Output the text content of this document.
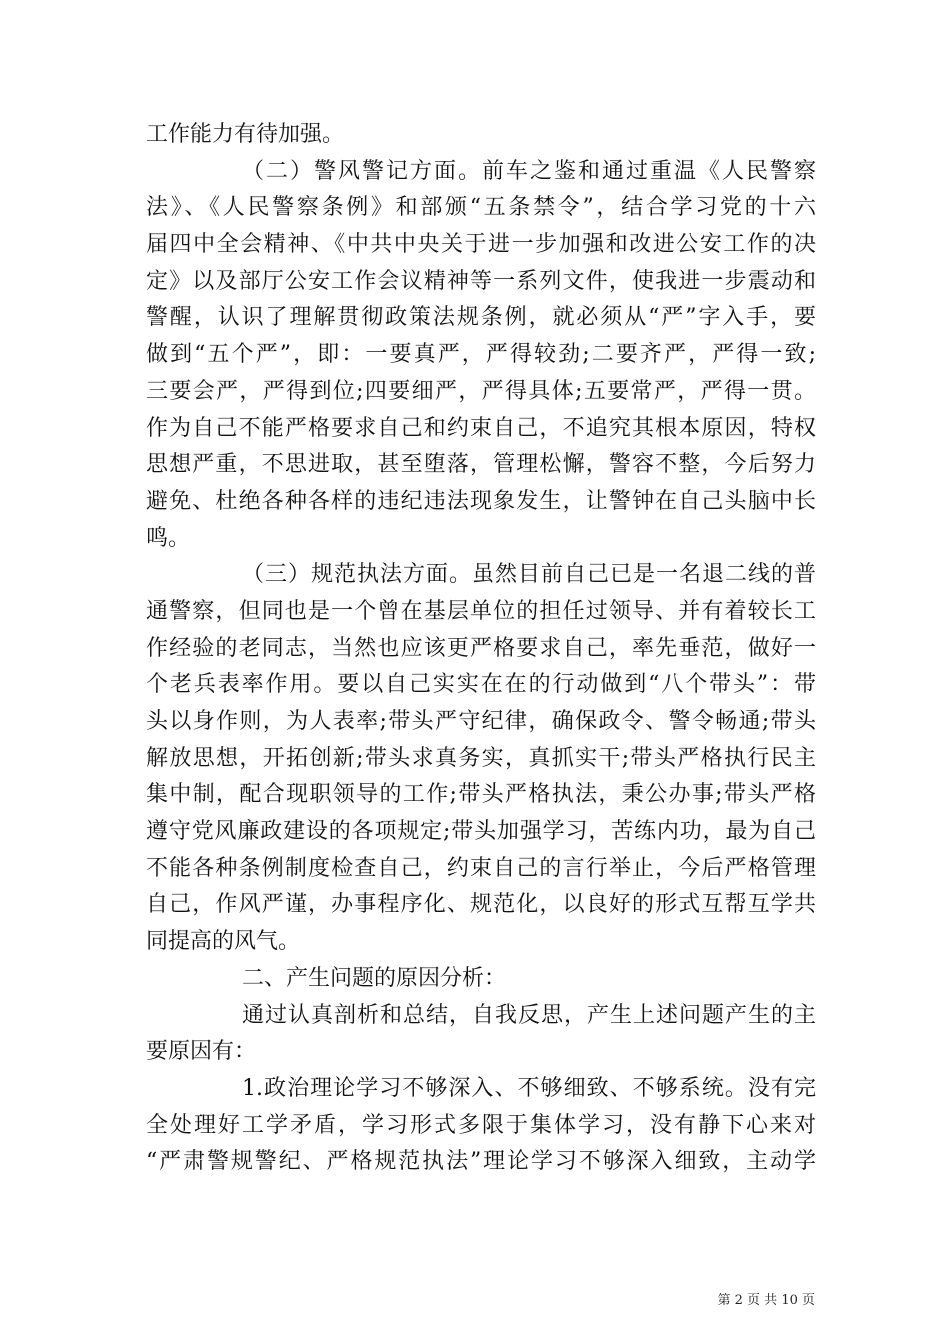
工作能力有待加强。
（二）警风警记方面。前车之鉴和通过重温《人民警察
法》、《人民警察条例》和部颁“五条禁令”，结合学习党的十六
届四中全会精神、《中共中央关于进一步加强和改进公安工作的决
定》以及部厅公安工作会议精神等一系列文件，使我进一步震动和
警醒，认识了理解贯彻政策法规条例，就必须从“严”字入手，要
做到“五个严”，即：一要真严，严得较劲;二要齐严，严得一致;
三要会严，严得到位;四要细严，严得具体;五要常严，严得一贯。
作为自己不能严格要求自己和约束自己，不追究其根本原因，特权
思想严重，不思进取，甚至堕落，管理松懈，警容不整，今后努力
避免、杜绝各种各样的违纪违法现象发生，让警钟在自己头脑中长
鸣。
（三）规范执法方面。虽然目前自己已是一名退二线的普
通警察，但同也是一个曾在基层单位的担任过领导、并有着较长工
作经验的老同志，当然也应该更严格要求自己，率先垂范，做好一
个老兵表率作用。要以自己实实在在的行动做到“八个带头”：带
头以身作则，为人表率;带头严守纪律，确保政令、警令畅通;带头
解放思想，开拓创新;带头求真务实，真抓实干;带头严格执行民主
集中制，配合现职领导的工作;带头严格执法，秉公办事;带头严格
遵守党风廉政建设的各项规定;带头加强学习，苦练内功，最为自己
不能各种条例制度检查自己，约束自己的言行举止，今后严格管理
自己，作风严谨，办事程序化、规范化，以良好的形式互帮互学共
同提高的风气。
二、产生问题的原因分析：
通过认真剖析和总结，自我反思，产生上述问题产生的主
要原因有：
1.政治理论学习不够深入、不够细致、不够系统。没有完
全处理好工学矛盾，学习形式多限于集体学习，没有静下心来对
“严肃警规警纪、严格规范执法”理论学习不够深入细致，主动学
第 2 页 共 10 页
